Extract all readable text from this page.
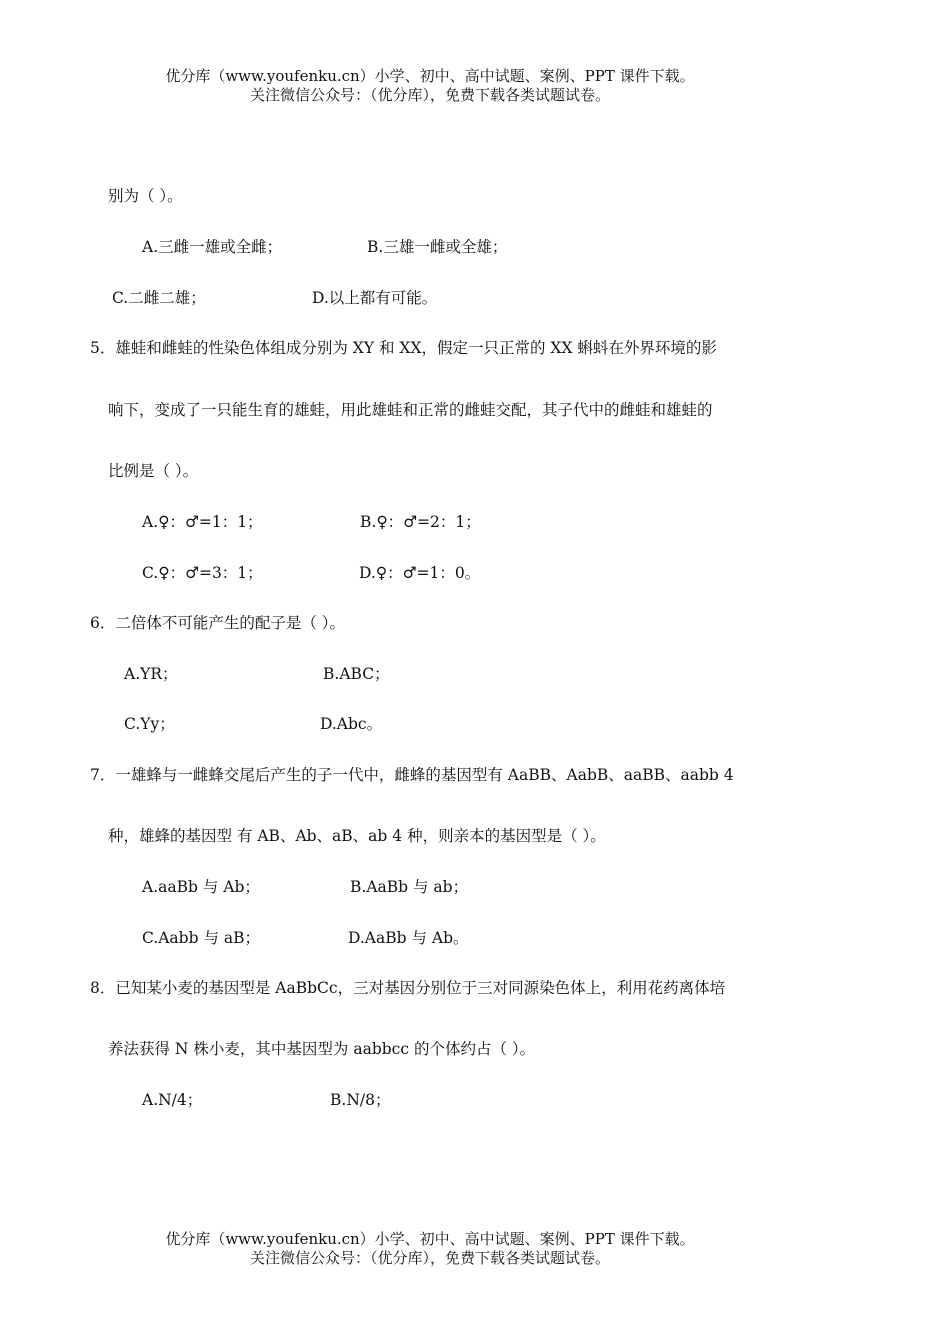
优分库（www.youfenku.cn）小学、初中、高中试题、案例、PPT 课件下载。
关注微信公众号：（优分库），免费下载各类试题试卷。
别为（ ）。
A.三雌一雄或全雌；	B.三雄一雌或全雄；
C.二雌二雄；	D.以上都有可能。
5．雄蛙和雌蛙的性染色体组成分别为 XY 和 XX，假定一只正常的 XX 蝌蚪在外界环境的影
响下，变成了一只能生育的雄蛙，用此雄蛙和正常的雌蛙交配，其子代中的雌蛙和雄蛙的
比例是（ ）。
A.♀：♂=1：1；	B.♀：♂=2：1；
C.♀：♂=3：1；	D.♀：♂=1：0。
6．二倍体不可能产生的配子是（ ）。
A.YR；	B.ABC；
C.Yy；	D.Abc。
7．一雄蜂与一雌蜂交尾后产生的子一代中，雌蜂的基因型有 AaBB、AabB、aaBB、aabb 4
种，雄蜂的基因型 有 AB、Ab、aB、ab 4 种，则亲本的基因型是（ ）。
A.aaBb 与 Ab；	B.AaBb 与 ab；
C.Aabb 与 aB；	D.AaBb 与 Ab。
8．已知某小麦的基因型是 AaBbCc，三对基因分别位于三对同源染色体上，利用花药离体培
养法获得 N 株小麦，其中基因型为 aabbcc 的个体约占（ ）。
A.N/4；	B.N/8；
优分库（www.youfenku.cn）小学、初中、高中试题、案例、PPT 课件下载。
关注微信公众号：（优分库），免费下载各类试题试卷。
